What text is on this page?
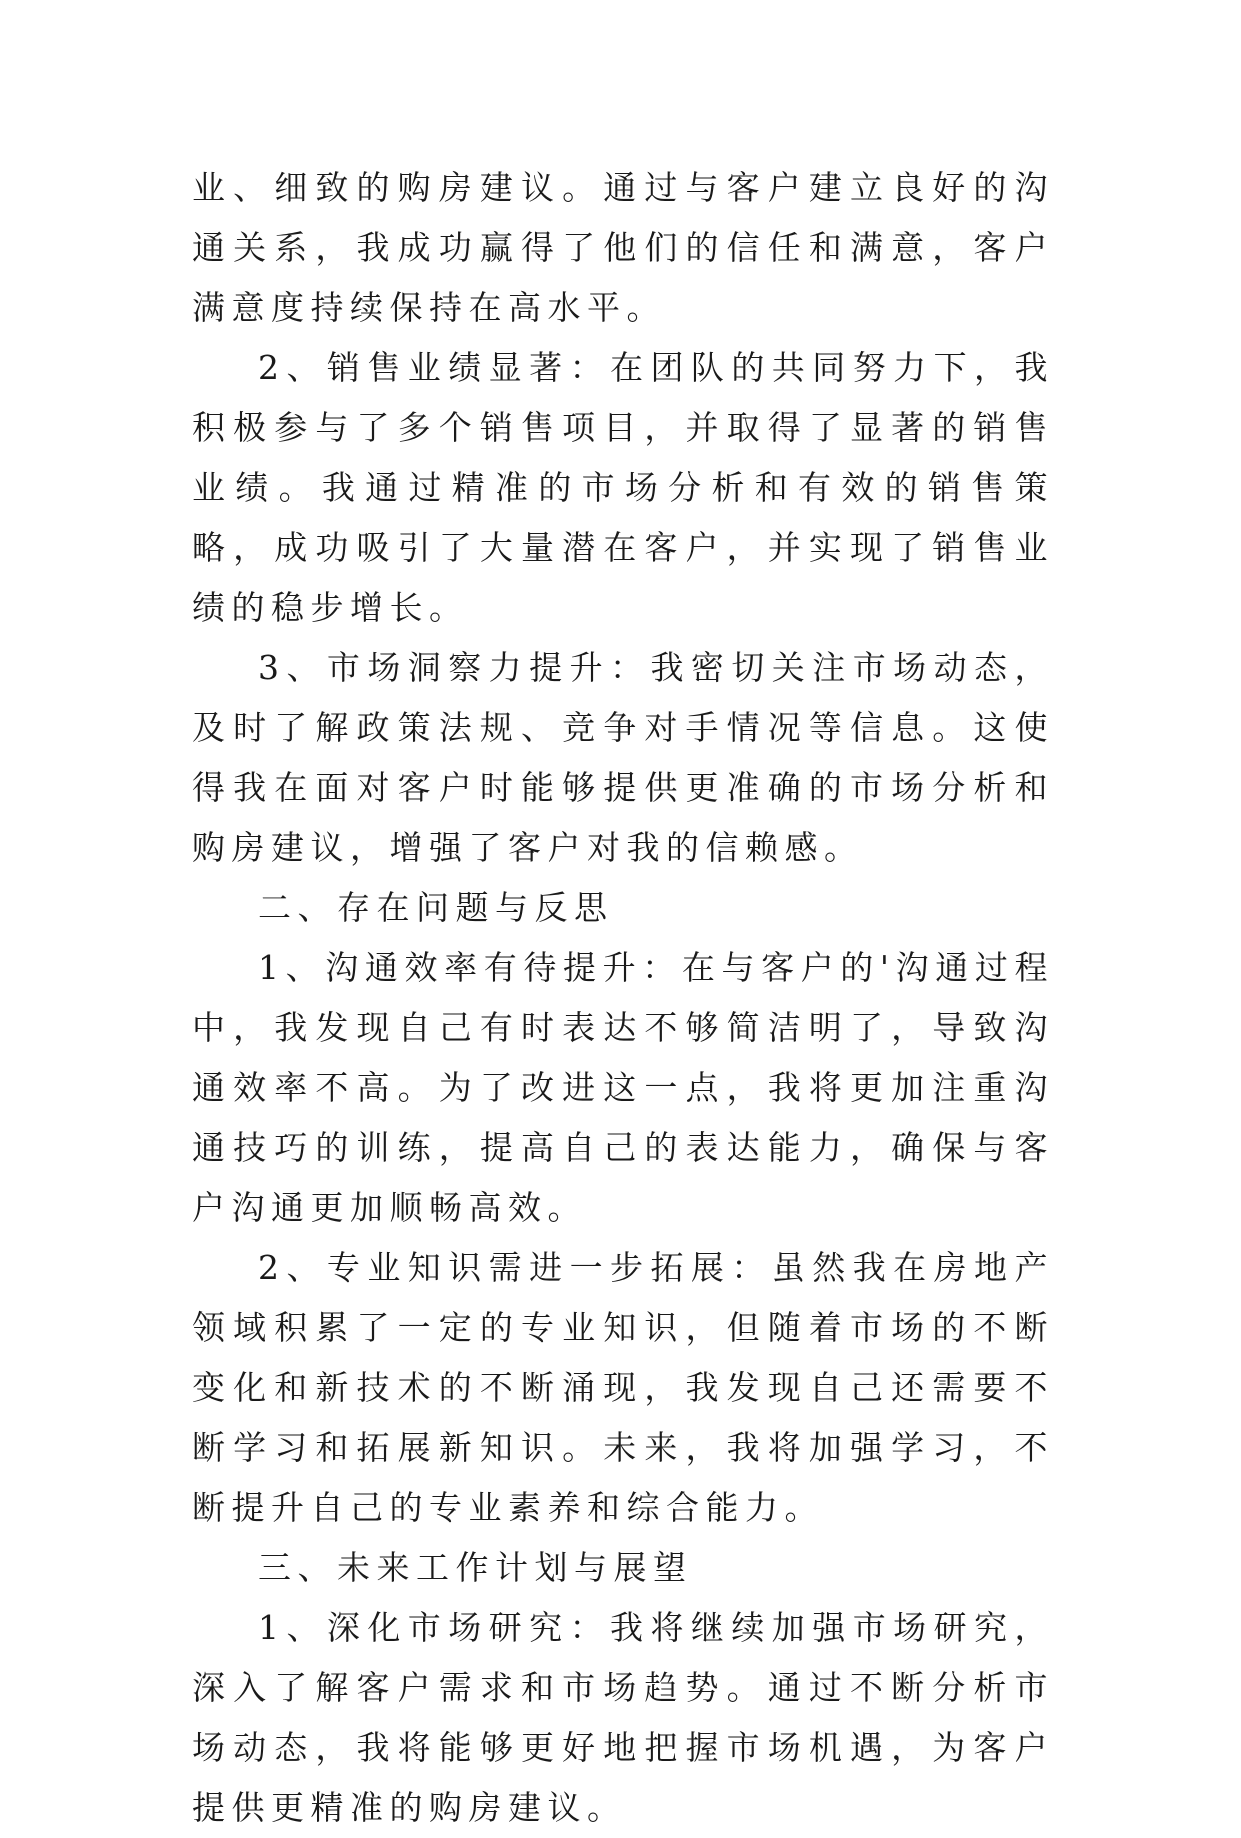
业、细致的购房建议。通过与客户建立良好的沟通关系，我成功赢得了他们的信任和满意，客户满意度持续保持在高水平。

2、销售业绩显著：在团队的共同努力下，我积极参与了多个销售项目，并取得了显著的销售业绩。我通过精准的市场分析和有效的销售策略，成功吸引了大量潜在客户，并实现了销售业绩的稳步增长。

3、市场洞察力提升：我密切关注市场动态，及时了解政策法规、竞争对手情况等信息。这使得我在面对客户时能够提供更准确的市场分析和购房建议，增强了客户对我的信赖感。

二、存在问题与反思

1、沟通效率有待提升：在与客户的'沟通过程中，我发现自己有时表达不够简洁明了，导致沟通效率不高。为了改进这一点，我将更加注重沟通技巧的训练，提高自己的表达能力，确保与客户沟通更加顺畅高效。

2、专业知识需进一步拓展：虽然我在房地产领域积累了一定的专业知识，但随着市场的不断变化和新技术的不断涌现，我发现自己还需要不断学习和拓展新知识。未来，我将加强学习，不断提升自己的专业素养和综合能力。

三、未来工作计划与展望

1、深化市场研究：我将继续加强市场研究，深入了解客户需求和市场趋势。通过不断分析市场动态，我将能够更好地把握市场机遇，为客户提供更精准的购房建议。
